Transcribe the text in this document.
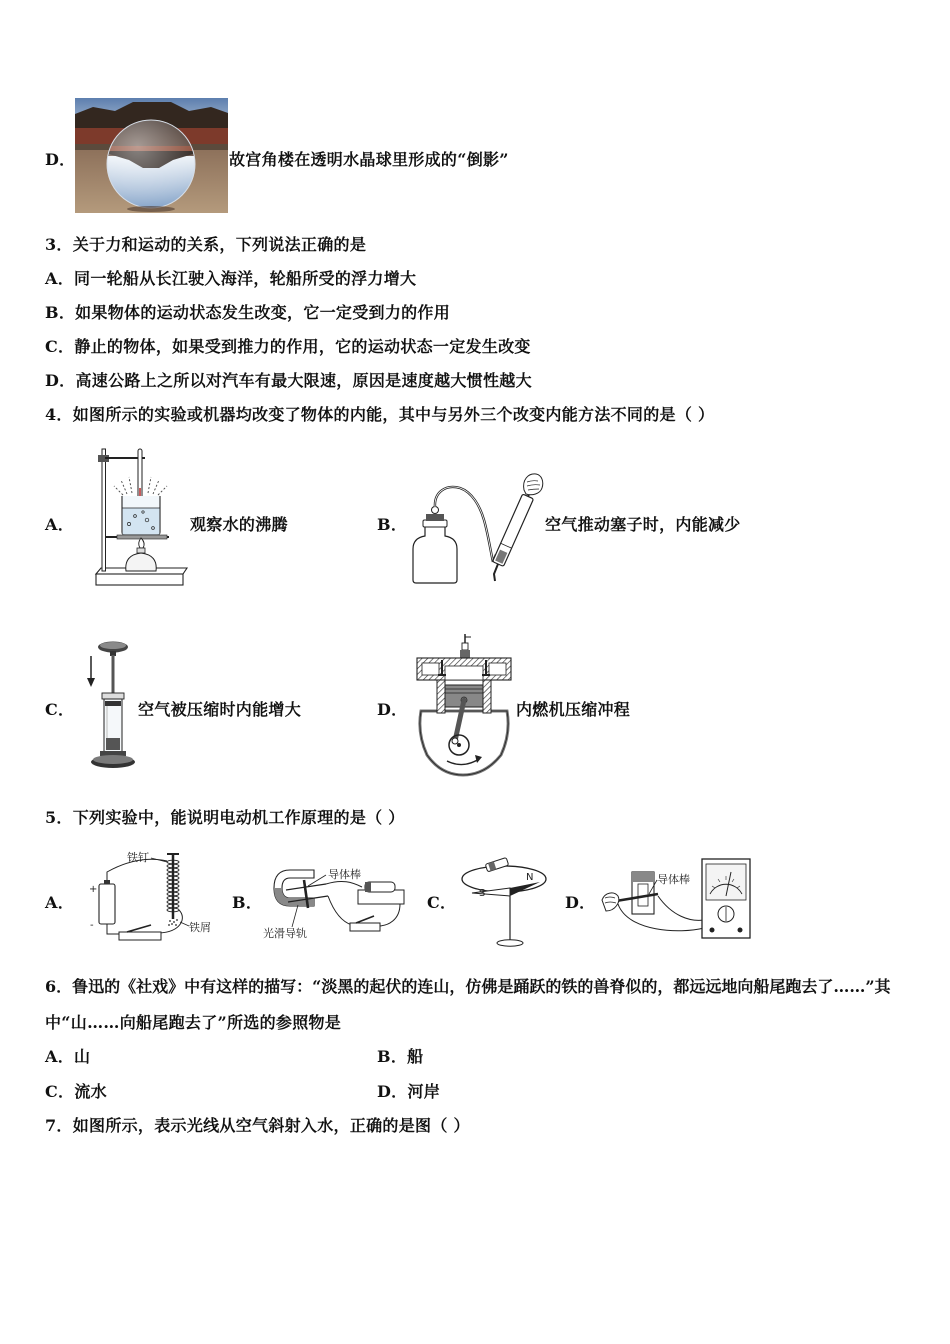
D．	故宫角楼在透明水晶球里形成的“倒影”
3．关于力和运动的关系，下列说法正确的是
A．同一轮船从长江驶入海洋，轮船所受的浮力增大
B．如果物体的运动状态发生改变，它一定受到力的作用
C．静止的物体，如果受到推力的作用，它的运动状态一定发生改变
D．高速公路上之所以对汽车有最大限速，原因是速度越大惯性越大
4．如图所示的实验或机器均改变了物体的内能，其中与另外三个改变内能方法不同的是（ ）
A．	观察水的沸腾	B．	空气推动塞子时，内能减少
C．	空气被压缩时内能增大	D．	内燃机压缩冲程
5．下列实验中，能说明电动机工作原理的是（ ）
A．
铁钉
铁屑
+
-
B．
导体棒
光滑导轨
C． S
N
D．
导体棒
6．鲁迅的《社戏》中有这样的描写：“淡黑的起伏的连山，仿佛是踊跃的铁的兽脊似的，都远远地向船尾跑去了……”其
中“山……向船尾跑去了”所选的参照物是
A．山	B．船
C．流水	D．河岸
7．如图所示，表示光线从空气斜射入水，正确的是图（ ）
